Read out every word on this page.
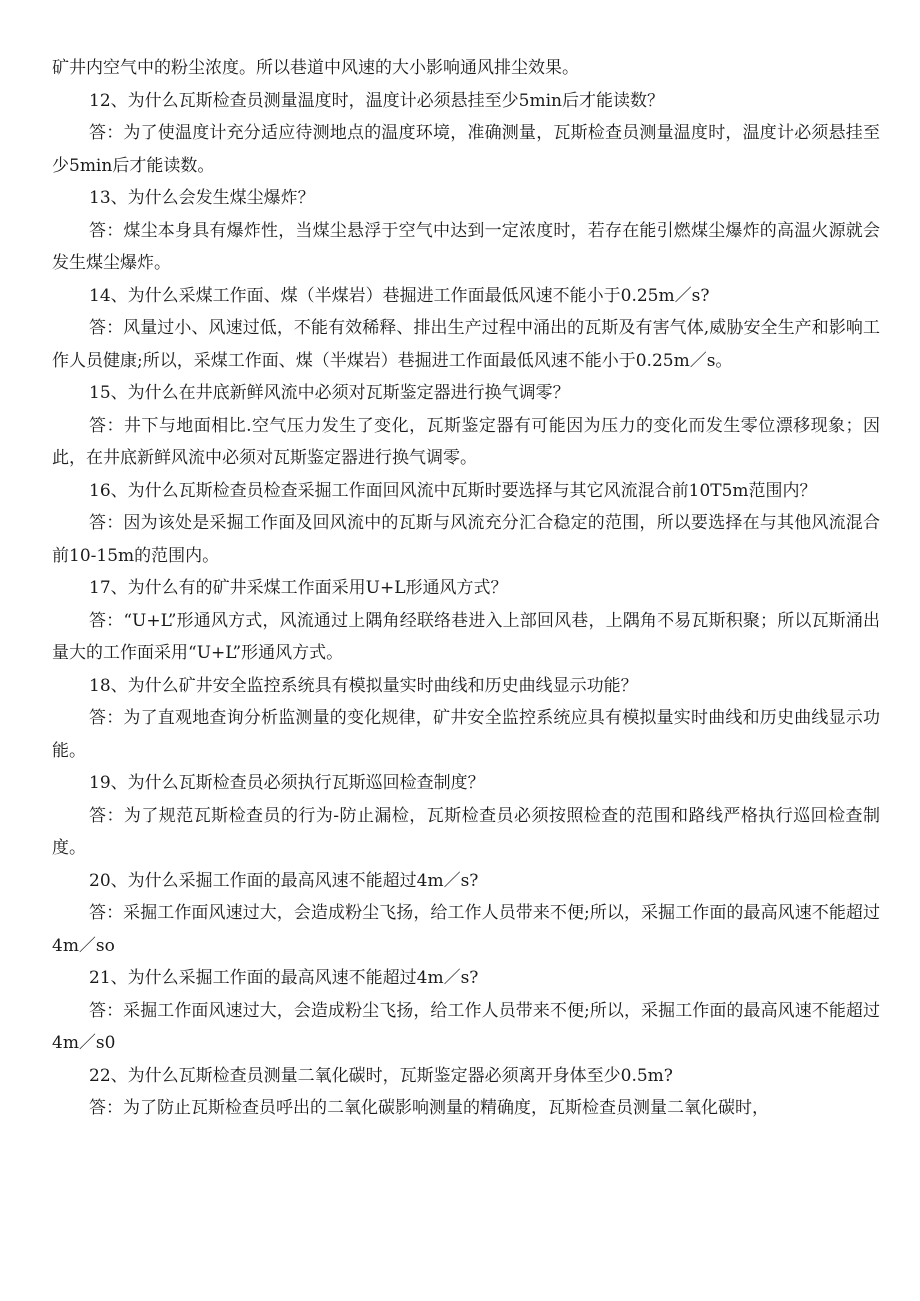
矿井内空气中的粉尘浓度。所以巷道中风速的大小影响通风排尘效果。

12、为什么瓦斯检查员测量温度时，温度计必须悬挂至少5min后才能读数？

答：为了使温度计充分适应待测地点的温度环境，准确测量，瓦斯检查员测量温度时，温度计必须悬挂至少5min后才能读数。

13、为什么会发生煤尘爆炸？

答：煤尘本身具有爆炸性，当煤尘悬浮于空气中达到一定浓度时，若存在能引燃煤尘爆炸的高温火源就会发生煤尘爆炸。

14、为什么采煤工作面、煤（半煤岩）巷掘进工作面最低风速不能小于0.25m／s?

答：风量过小、风速过低，不能有效稀释、排出生产过程中涌出的瓦斯及有害气体,威胁安全生产和影响工作人员健康;所以，采煤工作面、煤（半煤岩）巷掘进工作面最低风速不能小于0.25m／s。

15、为什么在井底新鲜风流中必须对瓦斯鉴定器进行换气调零？

答：井下与地面相比.空气压力发生了变化，瓦斯鉴定器有可能因为压力的变化而发生零位漂移现象；因此，在井底新鲜风流中必须对瓦斯鉴定器进行换气调零。

16、为什么瓦斯检查员检查采掘工作面回风流中瓦斯时要选择与其它风流混合前10T5m范围内？

答：因为该处是采掘工作面及回风流中的瓦斯与风流充分汇合稳定的范围，所以要选择在与其他风流混合前10-15m的范围内。

17、为什么有的矿井采煤工作面采用U+L形通风方式？

答：“U+L”形通风方式，风流通过上隅角经联络巷进入上部回风巷，上隅角不易瓦斯积聚；所以瓦斯涌出量大的工作面采用“U+L”形通风方式。

18、为什么矿井安全监控系统具有模拟量实时曲线和历史曲线显示功能？

答：为了直观地查询分析监测量的变化规律，矿井安全监控系统应具有模拟量实时曲线和历史曲线显示功能。

19、为什么瓦斯检查员必须执行瓦斯巡回检查制度？

答：为了规范瓦斯检查员的行为-防止漏检，瓦斯检查员必须按照检查的范围和路线严格执行巡回检查制度。

20、为什么采掘工作面的最高风速不能超过4m／s?

答：采掘工作面风速过大，会造成粉尘飞扬，给工作人员带来不便;所以，采掘工作面的最高风速不能超过4m／so

21、为什么采掘工作面的最高风速不能超过4m／s?

答：采掘工作面风速过大，会造成粉尘飞扬，给工作人员带来不便;所以，采掘工作面的最高风速不能超过4m／s0

22、为什么瓦斯检查员测量二氧化碳时，瓦斯鉴定器必须离开身体至少0.5m?

答：为了防止瓦斯检查员呼出的二氧化碳影响测量的精确度，瓦斯检查员测量二氧化碳时，
